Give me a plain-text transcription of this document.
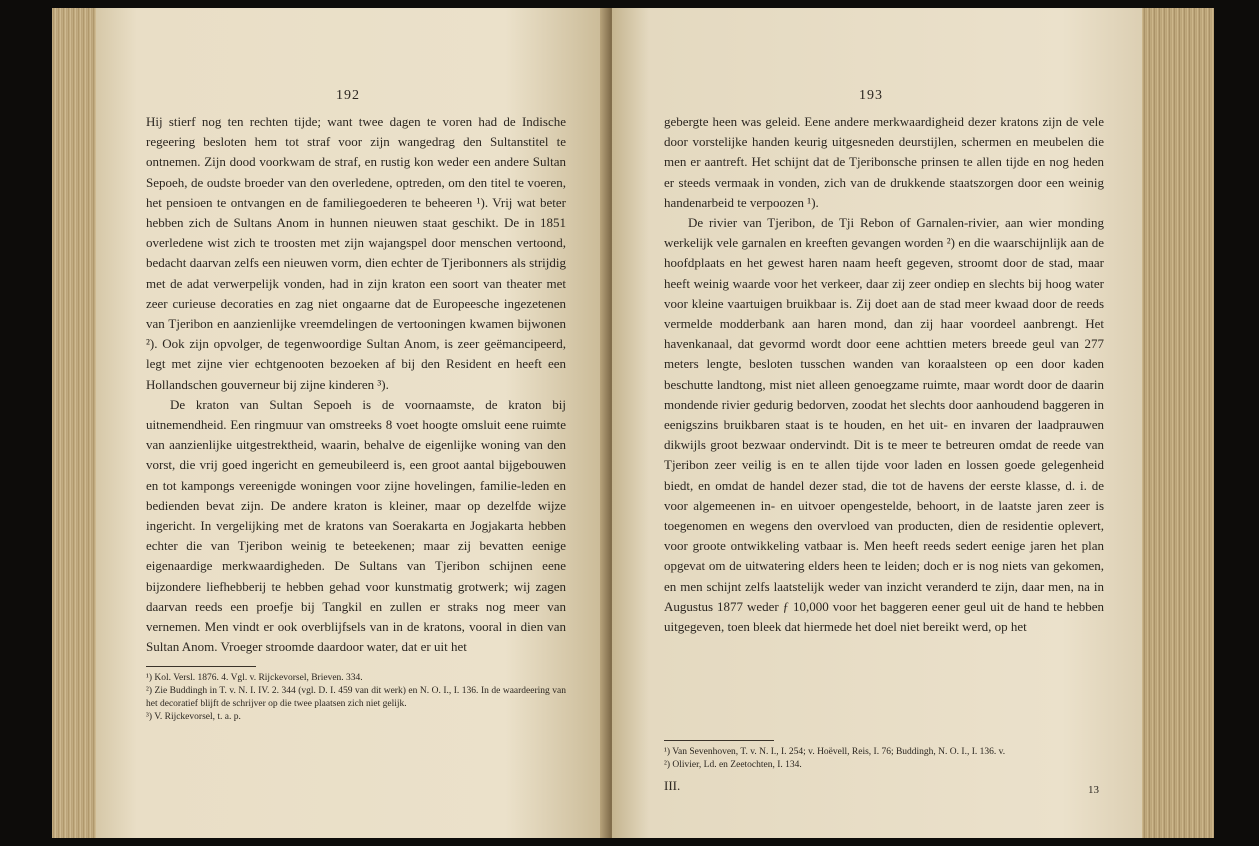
192

Hij stierf nog ten rechten tijde; want twee dagen te voren had de Indische regeering besloten hem tot straf voor zijn wangedrag den Sultanstitel te ontnemen. Zijn dood voorkwam de straf, en rustig kon weder een andere Sultan Sepoeh, de oudste broeder van den overledene, optreden, om den titel te voeren, het pensioen te ontvangen en de familiegoederen te beheeren ¹). Vrij wat beter hebben zich de Sultans Anom in hunnen nieuwen staat geschikt. De in 1851 overledene wist zich te troosten met zijn wajangspel door menschen vertoond, bedacht daarvan zelfs een nieuwen vorm, dien echter de Tjeribonners als strijdig met de adat verwerpelijk vonden, had in zijn kraton een soort van theater met zeer curieuse decoraties en zag niet ongaarne dat de Europeesche ingezetenen van Tjeribon en aanzienlijke vreemdelingen de vertooningen kwamen bijwonen ²). Ook zijn opvolger, de tegenwoordige Sultan Anom, is zeer geëmancipeerd, legt met zijne vier echtgenooten bezoeken af bij den Resident en heeft een Hollandschen gouverneur bij zijne kinderen ³).

De kraton van Sultan Sepoeh is de voornaamste, de kraton bij uitnemendheid. Een ringmuur van omstreeks 8 voet hoogte omsluit eene ruimte van aanzienlijke uitgestrektheid, waarin, behalve de eigenlijke woning van den vorst, die vrij goed ingericht en gemeubileerd is, een groot aantal bijgebouwen en tot kampongs vereenigde woningen voor zijne hovelingen, familie-leden en bedienden bevat zijn. De andere kraton is kleiner, maar op dezelfde wijze ingericht. In vergelijking met de kratons van Soerakarta en Jogjakarta hebben echter die van Tjeribon weinig te beteekenen; maar zij bevatten eenige eigenaardige merkwaardigheden. De Sultans van Tjeribon schijnen eene bijzondere liefhebberij te hebben gehad voor kunstmatig grotwerk; wij zagen daarvan reeds een proefje bij Tangkil en zullen er straks nog meer van vernemen. Men vindt er ook overblijfsels van in de kratons, vooral in dien van Sultan Anom. Vroeger stroomde daardoor water, dat er uit het

¹) Kol. Versl. 1876. 4. Vgl. v. Rijckevorsel, Brieven. 334.
²) Zie Buddingh in T. v. N. I. IV. 2. 344 (vgl. D. I. 459 van dit werk) en N. O. I., I. 136. In de waardeering van het decoratief blijft de schrijver op die twee plaatsen zich niet gelijk.
³) V. Rijckevorsel, t. a. p.
193

gebergte heen was geleid. Eene andere merkwaardigheid dezer kratons zijn de vele door vorstelijke handen keurig uitgesneden deurstijlen, schermen en meubelen die men er aantreft. Het schijnt dat de Tjeribonsche prinsen te allen tijde en nog heden er steeds vermaak in vonden, zich van de drukkende staatszorgen door een weinig handenarbeid te verpoozen ¹).

De rivier van Tjeribon, de Tji Rebon of Garnalen-rivier, aan wier monding werkelijk vele garnalen en kreeften gevangen worden ²) en die waarschijnlijk aan de hoofdplaats en het gewest haren naam heeft gegeven, stroomt door de stad, maar heeft weinig waarde voor het verkeer, daar zij zeer ondiep en slechts bij hoog water voor kleine vaartuigen bruikbaar is. Zij doet aan de stad meer kwaad door de reeds vermelde modderbank aan haren mond, dan zij haar voordeel aanbrengt. Het havenkanaal, dat gevormd wordt door eene achttien meters breede geul van 277 meters lengte, besloten tusschen wanden van koraalsteen op een door kaden beschutte landtong, mist niet alleen genoegzame ruimte, maar wordt door de daarin mondende rivier gedurig bedorven, zoodat het slechts door aanhoudend baggeren in eenigszins bruikbaren staat is te houden, en het uit- en invaren der laadprauwen dikwijls groot bezwaar ondervindt. Dit is te meer te betreuren omdat de reede van Tjeribon zeer veilig is en te allen tijde voor laden en lossen goede gelegenheid biedt, en omdat de handel dezer stad, die tot de havens der eerste klasse, d. i. de voor algemeenen in- en uitvoer opengestelde, behoort, in de laatste jaren zeer is toegenomen en wegens den overvloed van producten, dien de residentie oplevert, voor groote ontwikkeling vatbaar is. Men heeft reeds sedert eenige jaren het plan opgevat om de uitwatering elders heen te leiden; doch er is nog niets van gekomen, en men schijnt zelfs laatstelijk weder van inzicht veranderd te zijn, daar men, na in Augustus 1877 weder ƒ 10,000 voor het baggeren eener geul uit de hand te hebben uitgegeven, toen bleek dat hiermede het doel niet bereikt werd, op het

¹) Van Sevenhoven, T. v. N. I., I. 254; v. Hoëvell, Reis, I. 76; Buddingh, N. O. I., I. 136. v.
²) Olivier, Ld. en Zeetochten, I. 134.
III.	13
